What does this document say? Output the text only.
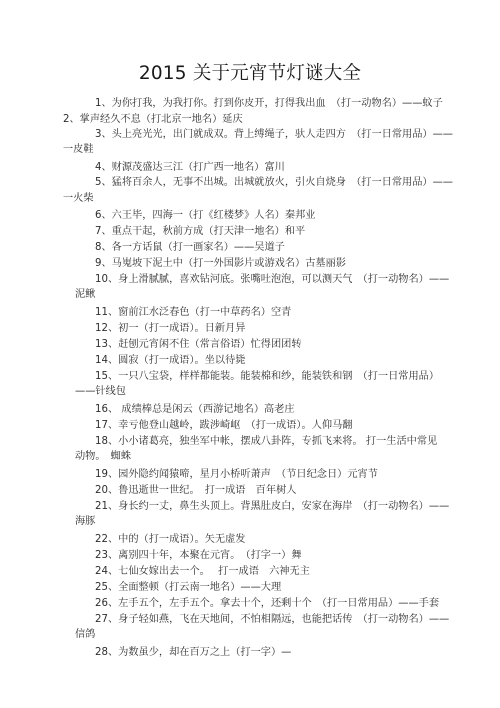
2015 关于元宵节灯谜大全
1、为你打我，为我打你。打到你皮开，打得我出血　（打一动物名）——蚊子
2、掌声经久不息（打北京一地名）延庆
3、头上亮光光，出门就成双。背上缚绳子，驮人走四方　（打一日常用品）——
一皮鞋
4、财源茂盛达三江（打广西一地名）富川
5、猛将百余人，无事不出城。出城就放火，引火自烧身　（打一日常用品）——
一火柴
6、六王毕，四海一（打《红楼梦》人名）秦邦业
7、重点干起，秋前方成（打天津一地名）和平
8、各一方话鼠（打一画家名）——吴道子
9、马嵬坡下泥土中（打一外国影片或游戏名）古墓丽影
10、身上滑腻腻，喜欢钻河底。张嘴吐泡泡，可以测天气　（打一动物名）——
泥鳅
11、窗前江水泛春色（打一中草药名）空青
12、初一（打一成语）。日新月异
13、赶刨元宵闲不住（常言俗语）忙得团团转
14、圆寂（打一成语）。坐以待毙
15、一只八宝袋，样样都能装。能装棉和纱，能装铁和钢　（打一日常用品）
——针线包
16、 成绩棒总是闲云（西游记地名）高老庄
17、幸亏他登山越岭，跋涉崎岖　（打一成语）。人仰马翻
18、小小诸葛亮，独坐军中帐，摆成八卦阵，专抓飞来将。 打一生活中常见
动物。　蜘蛛
19、园外隐约闻猿啼，星月小桥听萧声　（节日纪念日）元宵节
20、鲁迅逝世一世纪。　打一成语　百年树人
21、身长约一丈，鼻生头顶上。背黑肚皮白，安家在海岸　（打一动物名）——
海豚
22、中的（打一成语）。矢无虚发
23、离别四十年，本聚在元宵。　（打字一）舞
24、七仙女嫁出去一个。　 打一成语　六神无主
25、全面整顿（打云南一地名）——大理
26、左手五个，左手五个。拿去十个，还剩十个　（打一日常用品）——手套
27、身子轻如燕，飞在天地间，不怕相隔远，也能把话传　（打一动物名）——
信鸽
28、为数虽少，却在百万之上（打一字）—
